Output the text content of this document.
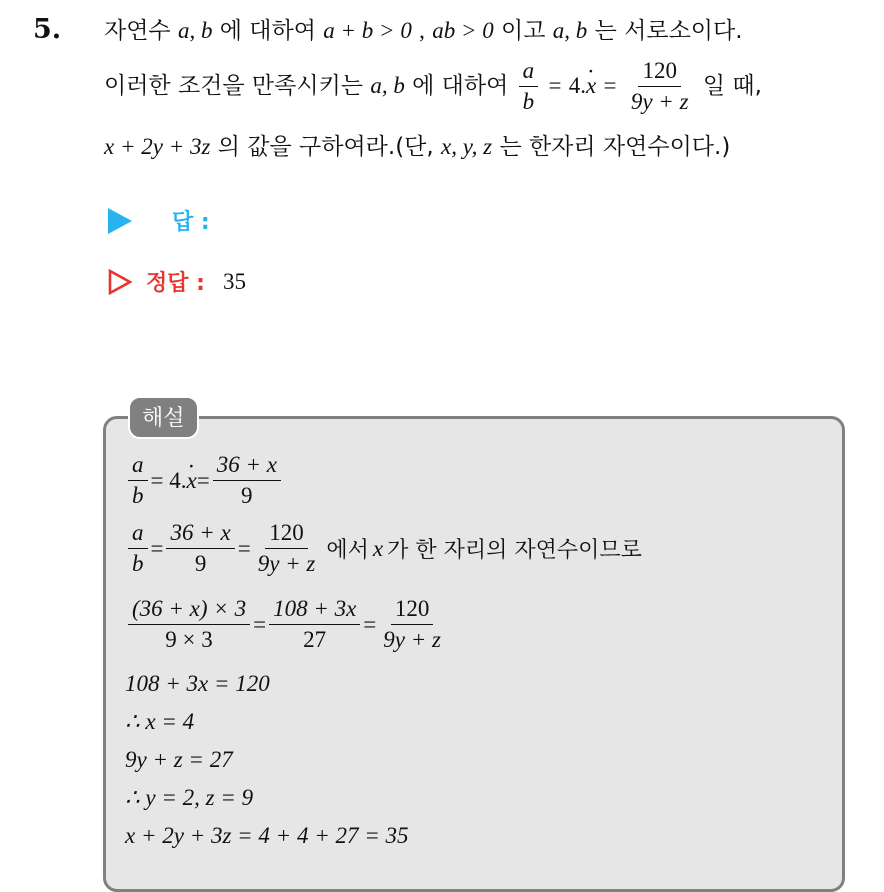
5. 자연수 a, b 에 대하여 a + b > 0 , ab > 0 이고 a, b 는 서로소이다.
이러한 조건을 만족시키는 a, b 에 대하여 $\frac{a}{b} = 4.\cdot x = \frac{120}{9y + z}$ 일 때,
x + 2y + 3z 의 값을 구하여라.(단, x, y, z 는 한자리 자연수이다.)
답 :
정답 : 35
해설
$\frac{a}{b} = 4$.
· $x = \frac{36 + x}{9}$
$\frac{a}{b} = \frac{36 + x}{9} = \frac{120}{9y + z}$ 에서 x 가 한 자리의 자연수이므로
$\frac{(36 + x) \times 3}{9 \times 3} = \frac{108 + 3x}{27} = \frac{120}{9y + z}$
108 + 3x = 120
∴ x = 4
9y + z = 27
∴ y = 2, z = 9
x + 2y + 3z = 4 + 4 + 27 = 35
